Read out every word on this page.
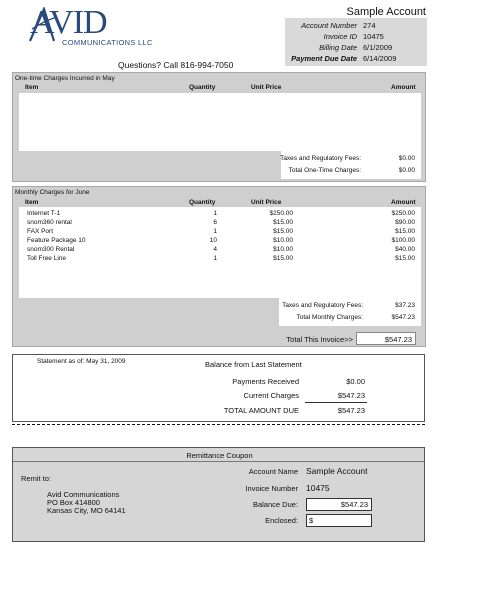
AVID
COMMUNICATIONS LLC
Questions? Call 816-994-7050
Sample Account
Account Number 274
Invoice ID 10475
Billing Date 6/1/2009
Payment Due Date 6/14/2009
One-time Charges Incurred in May
Item	Quantity	Unit Price	Amount
Taxes and Regulatory Fees:	$0.00
Total One-Time Charges:	$0.00
Monthly Charges for June
Item	Quantity	Unit Price	Amount
Internet T-1	1	$250.00	$250.00
snom360 rental	6	$15.00	$90.00
FAX Port	1	$15.00	$15.00
Feature Package 10	10	$10.00	$100.00
snom300 Rental	4	$10.00	$40.00
Toll Free Line	1	$15.00	$15.00
Taxes and Regulatory Fees:	$37.23
Total Monthly Charges:	$547.23
Total This Invoice>>	$547.23
Statement as of: May 31, 2009	Balance from Last Statement
Payments Received	$0.00
Current Charges	$547.23
TOTAL AMOUNT DUE	$547.23
Remittance Coupon
Remit to:
Avid Communications
PO Box 414800
Kansas City, MO 64141
Account Name Sample Account
Invoice Number 10475
Balance Due:	$547.23
Enclosed:	$
